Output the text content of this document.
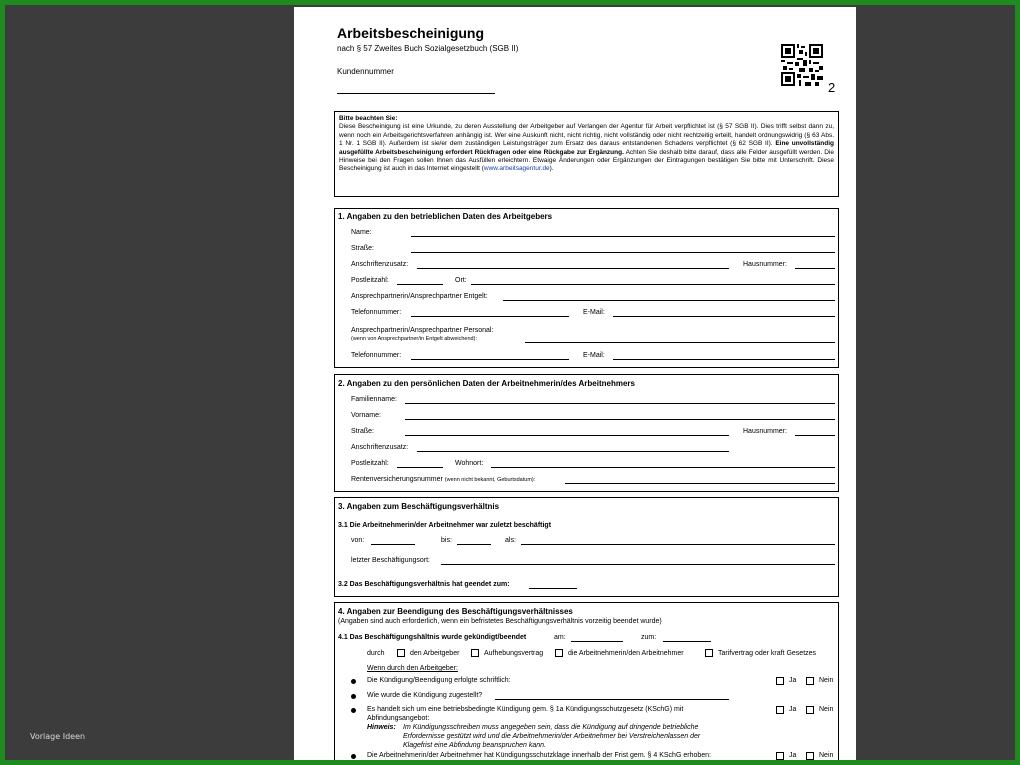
Vorlage Ideen
Arbeitsbescheinigung
nach § 57 Zweites Buch Sozialgesetzbuch (SGB II)
Kundennummer
2
Bitte beachten Sie:
Diese Bescheinigung ist eine Urkunde, zu deren Ausstellung der Arbeitgeber auf Verlangen der Agentur für Arbeit verpflichtet ist (§ 57 SGB II). Dies trifft selbst dann zu, wenn noch ein Arbeitsgerichtsverfahren anhängig ist. Wer eine Auskunft nicht, nicht richtig, nicht vollständig oder nicht rechtzeitig erteilt, handelt ordnungswidrig (§ 63 Abs. 1 Nr. 1 SGB II). Außerdem ist sie/er dem zuständigen Leistungsträger zum Ersatz des daraus entstandenen Schadens verpflichtet (§ 62 SGB II). Eine unvollständig ausgefüllte Arbeitsbescheinigung erfordert Rückfragen oder eine Rückgabe zur Ergänzung. Achten Sie deshalb bitte darauf, dass alle Felder ausgefüllt werden. Die Hinweise bei den Fragen sollen Ihnen das Ausfüllen erleichtern. Etwaige Änderungen oder Ergänzungen der Eintragungen bestätigen Sie bitte mit Unterschrift. Diese Bescheinigung ist auch in das Internet eingestellt (www.arbeitsagentur.de).
1. Angaben zu den betrieblichen Daten des Arbeitgebers
Name:
Straße:
Anschriftenzusatz:	Hausnummer:
Postleitzahl:	Ort:
Ansprechpartnerin/Ansprechpartner Entgelt:
Telefonnummer:	E-Mail:
Ansprechpartnerin/Ansprechpartner Personal:
(wenn von Ansprechpartner/in Entgelt abweichend):
Telefonnummer:	E-Mail:
2. Angaben zu den persönlichen Daten der Arbeitnehmerin/des Arbeitnehmers
Familienname:
Vorname:
Straße:	Hausnummer:
Anschriftenzusatz:
Postleitzahl:	Wohnort:
Rentenversicherungsnummer (wenn nicht bekannt, Geburtsdatum):
3. Angaben zum Beschäftigungsverhältnis
3.1 Die Arbeitnehmerin/der Arbeitnehmer war zuletzt beschäftigt
von:	bis:	als:
letzter Beschäftigungsort:
3.2 Das Beschäftigungsverhältnis hat geendet zum:
4. Angaben zur Beendigung des Beschäftigungsverhältnisses
(Angaben sind auch erforderlich, wenn ein befristetes Beschäftigungsverhältnis vorzeitig beendet wurde)
4.1 Das Beschäftigungshältnis wurde gekündigt/beendet	am:	zum:
durch	den Arbeitgeber	Aufhebungsvertrag	die Arbeitnehmerin/den Arbeitnehmer	Tarifvertrag oder kraft Gesetzes
Wenn durch den Arbeitgeber:
Die Kündigung/Beendigung erfolgte schriftlich:	Ja	Nein
Wie wurde die Kündigung zugestellt?
Es handelt sich um eine betriebsbedingte Kündigung gem. § 1a Kündigungsschutzgesetz (KSchG) mit
Abfindungsangebot:
Ja	Nein
Hinweis: Im Kündigungsschreiben muss angegeben sein, dass die Kündigung auf dringende betriebliche
Erfordernisse gestützt wird und die Arbeitnehmerin/der Arbeitnehmer bei Verstreichenlassen der
Klagefrist eine Abfindung beanspruchen kann.
Die Arbeitnehmerin/der Arbeitnehmer hat Kündigungsschutzklage innerhalb der Frist gem. § 4 KSchG erhoben:	Ja	Nein
